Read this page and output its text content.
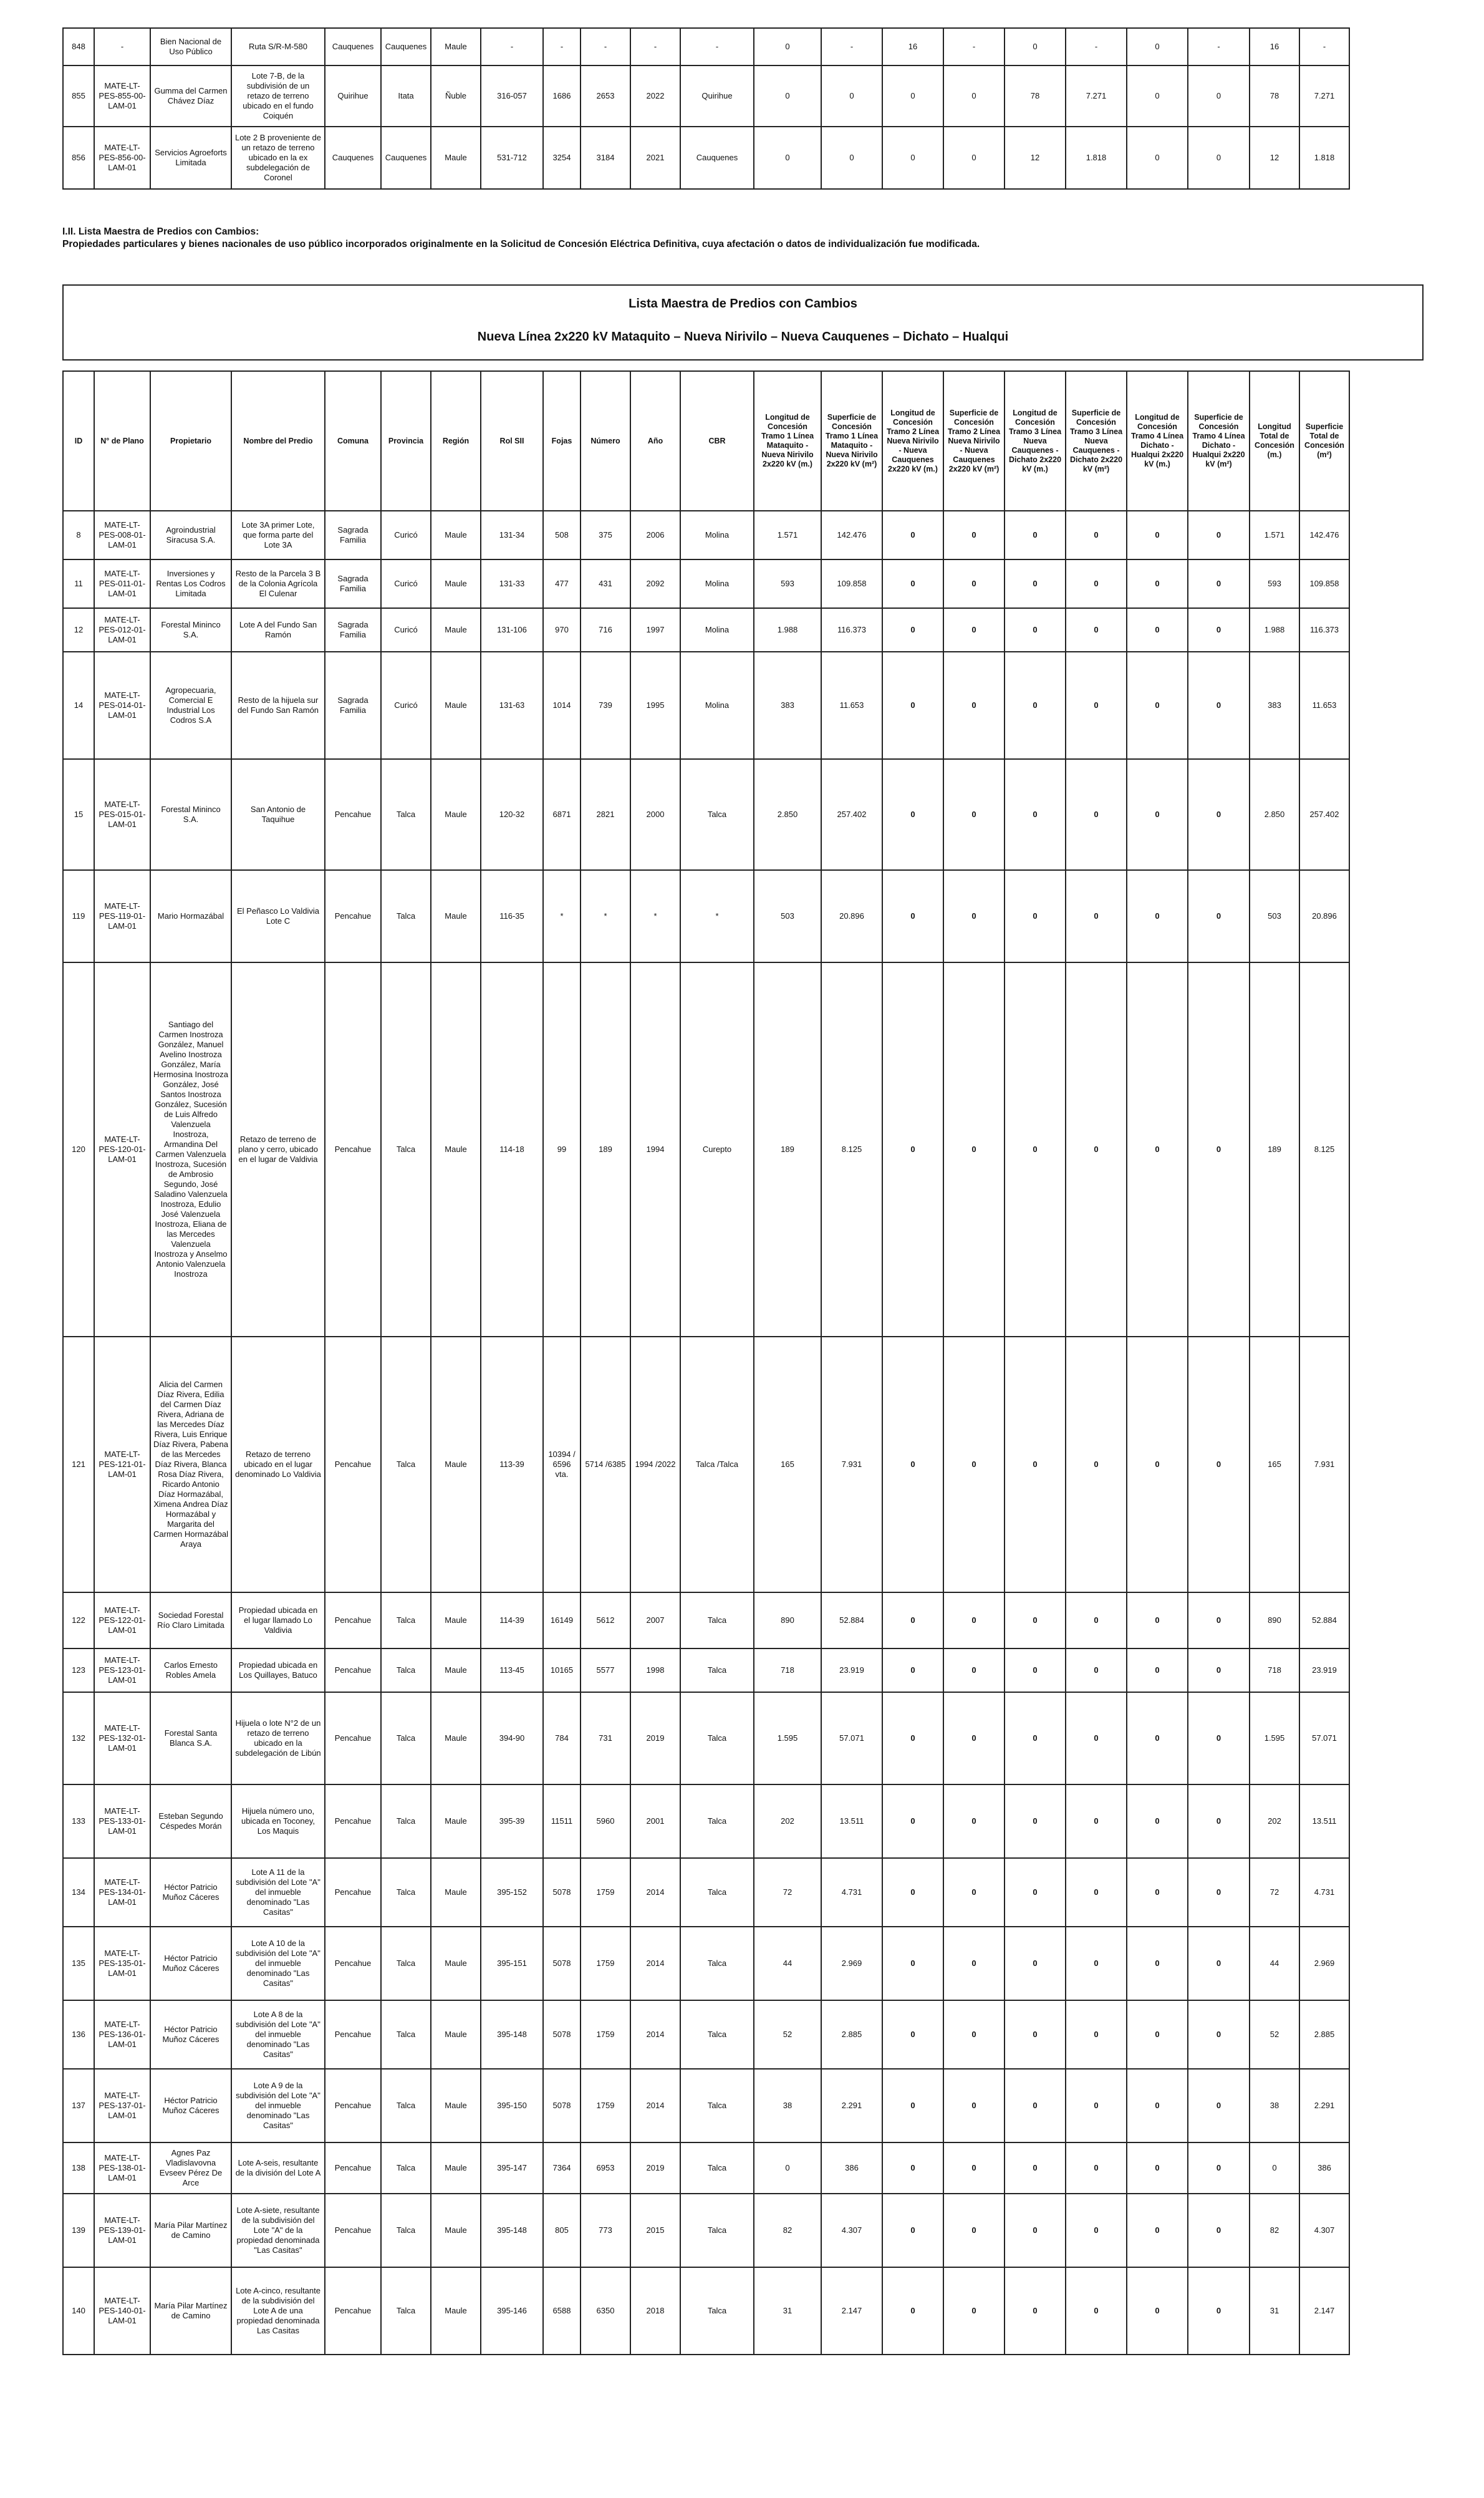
848	-	Bien Nacional de Uso Público	Ruta S/R-M-580	Cauquenes	Cauquenes	Maule	-	-	-	-	-	0	-	16	-	0	-	0	-	16	-
855	MATE-LT-PES-855-00-LAM-01	Gumma del Carmen Chávez Díaz	Lote 7-B, de la subdivisión de un retazo de terreno ubicado en el fundo Coiquén	Quirihue	Itata	Ñuble	316-057	1686	2653	2022	Quirihue	0	0	0	0	78	7.271	0	0	78	7.271
856	MATE-LT-PES-856-00-LAM-01	Servicios Agroeforts Limitada	Lote 2 B proveniente de un retazo de terreno ubicado en la ex subdelegación de Coronel	Cauquenes	Cauquenes	Maule	531-712	3254	3184	2021	Cauquenes	0	0	0	0	12	1.818	0	0	12	1.818
I.II. Lista Maestra de Predios con Cambios:
Propiedades particulares y bienes nacionales de uso público incorporados originalmente en la Solicitud de Concesión Eléctrica Definitiva, cuya afectación o datos de individualización fue modificada.
Lista Maestra de Predios con Cambios
Nueva Línea 2x220 kV Mataquito – Nueva Nirivilo – Nueva Cauquenes – Dichato – Hualqui
ID	N° de Plano	Propietario	Nombre del Predio	Comuna	Provincia	Región	Rol SII	Fojas	Número	Año	CBR	Longitud de Concesión Tramo 1 Línea Mataquito - Nueva Nirivilo 2x220 kV (m.)	Superficie de Concesión Tramo 1 Línea Mataquito - Nueva Nirivilo 2x220 kV (m²)	Longitud de Concesión Tramo 2 Línea Nueva Nirivilo - Nueva Cauquenes 2x220 kV (m.)	Superficie de Concesión Tramo 2 Línea Nueva Nirivilo - Nueva Cauquenes 2x220 kV (m²)	Longitud de Concesión Tramo 3 Línea Nueva Cauquenes - Dichato 2x220 kV (m.)	Superficie de Concesión Tramo 3 Línea Nueva Cauquenes - Dichato 2x220 kV (m²)	Longitud de Concesión Tramo 4 Línea Dichato - Hualqui 2x220 kV (m.)	Superficie de Concesión Tramo 4 Línea Dichato - Hualqui 2x220 kV (m²)	Longitud Total de Concesión (m.)	Superficie Total de Concesión (m²)
8	MATE-LT-PES-008-01-LAM-01	Agroindustrial Siracusa S.A.	Lote 3A primer Lote, que forma parte del Lote 3A	Sagrada Familia	Curicó	Maule	131-34	508	375	2006	Molina	1.571	142.476	0	0	0	0	0	0	1.571	142.476
11	MATE-LT-PES-011-01-LAM-01	Inversiones y Rentas Los Codros Limitada	Resto de la Parcela 3 B de la Colonia Agrícola El Culenar	Sagrada Familia	Curicó	Maule	131-33	477	431	2092	Molina	593	109.858	0	0	0	0	0	0	593	109.858
12	MATE-LT-PES-012-01-LAM-01	Forestal Mininco S.A.	Lote A del Fundo San Ramón	Sagrada Familia	Curicó	Maule	131-106	970	716	1997	Molina	1.988	116.373	0	0	0	0	0	0	1.988	116.373
14	MATE-LT-PES-014-01-LAM-01	Agropecuaria, Comercial E Industrial Los Codros S.A	Resto de la hijuela sur del Fundo San Ramón	Sagrada Familia	Curicó	Maule	131-63	1014	739	1995	Molina	383	11.653	0	0	0	0	0	0	383	11.653
15	MATE-LT-PES-015-01-LAM-01	Forestal Mininco S.A.	San Antonio de Taquihue	Pencahue	Talca	Maule	120-32	6871	2821	2000	Talca	2.850	257.402	0	0	0	0	0	0	2.850	257.402
119	MATE-LT-PES-119-01-LAM-01	Mario Hormazábal	El Peñasco Lo Valdivia Lote C	Pencahue	Talca	Maule	116-35	*	*	*	*	503	20.896	0	0	0	0	0	0	503	20.896
120	MATE-LT-PES-120-01-LAM-01	Santiago del Carmen Inostroza González, Manuel Avelino Inostroza González, María Hermosina Inostroza González, José Santos Inostroza González, Sucesión de Luis Alfredo Valenzuela Inostroza, Armandina Del Carmen Valenzuela Inostroza, Sucesión de Ambrosio Segundo, José Saladino Valenzuela Inostroza, Edulio José Valenzuela Inostroza, Eliana de las Mercedes Valenzuela Inostroza y Anselmo Antonio Valenzuela Inostroza	Retazo de terreno de plano y cerro, ubicado en el lugar de Valdivia	Pencahue	Talca	Maule	114-18	99	189	1994	Curepto	189	8.125	0	0	0	0	0	0	189	8.125
121	MATE-LT-PES-121-01-LAM-01	Alicia del Carmen Díaz Rivera, Edilia del Carmen Díaz Rivera, Adriana de las Mercedes Díaz Rivera, Luis Enrique Díaz Rivera, Pabena de las Mercedes Díaz Rivera, Blanca Rosa Díaz Rivera, Ricardo Antonio Díaz Hormazábal, Ximena Andrea Díaz Hormazábal y Margarita del Carmen Hormazábal Araya	Retazo de terreno ubicado en el lugar denominado Lo Valdivia	Pencahue	Talca	Maule	113-39	10394 / 6596 vta.	5714 /6385	1994 /2022	Talca /Talca	165	7.931	0	0	0	0	0	0	165	7.931
122	MATE-LT-PES-122-01-LAM-01	Sociedad Forestal Río Claro Limitada	Propiedad ubicada en el lugar llamado Lo Valdivia	Pencahue	Talca	Maule	114-39	16149	5612	2007	Talca	890	52.884	0	0	0	0	0	0	890	52.884
123	MATE-LT-PES-123-01-LAM-01	Carlos Ernesto Robles Amela	Propiedad ubicada en Los Quillayes, Batuco	Pencahue	Talca	Maule	113-45	10165	5577	1998	Talca	718	23.919	0	0	0	0	0	0	718	23.919
132	MATE-LT-PES-132-01-LAM-01	Forestal Santa Blanca S.A.	Hijuela o lote N°2 de un retazo de terreno ubicado en la subdelegación de Libún	Pencahue	Talca	Maule	394-90	784	731	2019	Talca	1.595	57.071	0	0	0	0	0	0	1.595	57.071
133	MATE-LT-PES-133-01-LAM-01	Esteban Segundo Céspedes Morán	Hijuela número uno, ubicada en Toconey, Los Maquis	Pencahue	Talca	Maule	395-39	11511	5960	2001	Talca	202	13.511	0	0	0	0	0	0	202	13.511
134	MATE-LT-PES-134-01-LAM-01	Héctor Patricio Muñoz Cáceres	Lote A 11 de la subdivisión del Lote "A" del inmueble denominado "Las Casitas"	Pencahue	Talca	Maule	395-152	5078	1759	2014	Talca	72	4.731	0	0	0	0	0	0	72	4.731
135	MATE-LT-PES-135-01-LAM-01	Héctor Patricio Muñoz Cáceres	Lote A 10 de la subdivisión del Lote "A" del inmueble denominado "Las Casitas"	Pencahue	Talca	Maule	395-151	5078	1759	2014	Talca	44	2.969	0	0	0	0	0	0	44	2.969
136	MATE-LT-PES-136-01-LAM-01	Héctor Patricio Muñoz Cáceres	Lote A 8 de la subdivisión del Lote "A" del inmueble denominado "Las Casitas"	Pencahue	Talca	Maule	395-148	5078	1759	2014	Talca	52	2.885	0	0	0	0	0	0	52	2.885
137	MATE-LT-PES-137-01-LAM-01	Héctor Patricio Muñoz Cáceres	Lote A 9 de la subdivisión del Lote "A" del inmueble denominado "Las Casitas"	Pencahue	Talca	Maule	395-150	5078	1759	2014	Talca	38	2.291	0	0	0	0	0	0	38	2.291
138	MATE-LT-PES-138-01-LAM-01	Agnes Paz Vladislavovna Evseev Pérez De Arce	Lote A-seis, resultante de la división del Lote A	Pencahue	Talca	Maule	395-147	7364	6953	2019	Talca	0	386	0	0	0	0	0	0	0	386
139	MATE-LT-PES-139-01-LAM-01	María Pilar Martínez de Camino	Lote A-siete, resultante de la subdivisión del Lote "A" de la propiedad denominada "Las Casitas"	Pencahue	Talca	Maule	395-148	805	773	2015	Talca	82	4.307	0	0	0	0	0	0	82	4.307
140	MATE-LT-PES-140-01-LAM-01	María Pilar Martínez de Camino	Lote A-cinco, resultante de la subdivisión del Lote A de una propiedad denominada Las Casitas	Pencahue	Talca	Maule	395-146	6588	6350	2018	Talca	31	2.147	0	0	0	0	0	0	31	2.147
